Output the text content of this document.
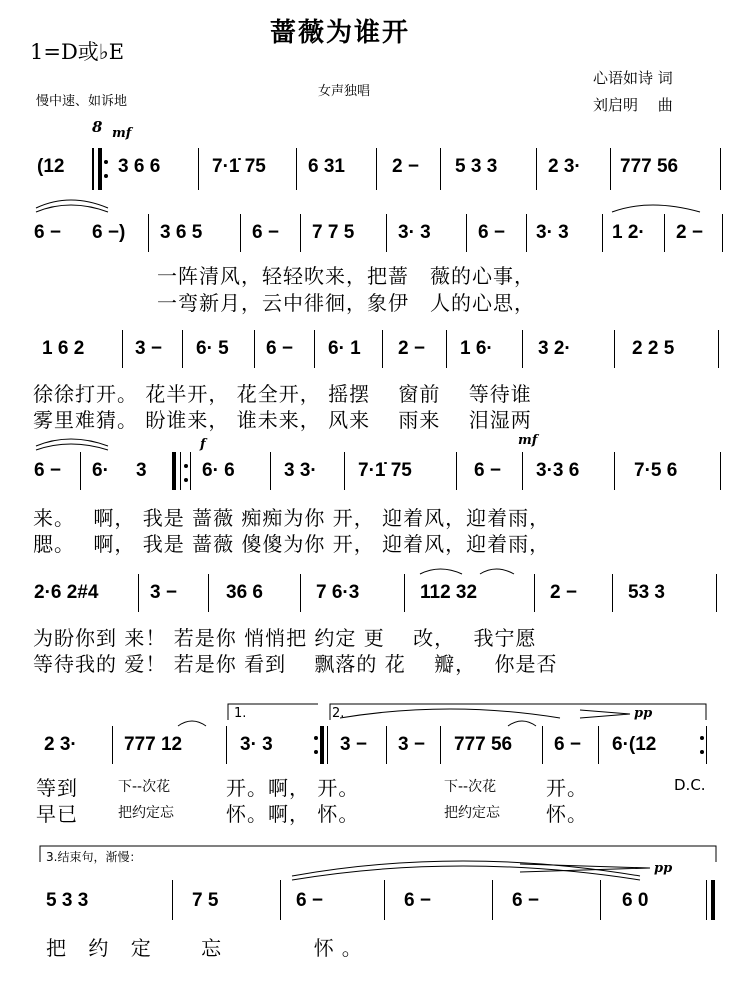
蔷薇为谁开
1=D或♭E
慢中速、如诉地
女声独唱
心语如诗 词
刘启明　 曲
8 mf
f	mf
pp
pp
(12	3 6 6	7·1̇ 75 6 31 2 − 5 3 3	2 3· 777 56
6 − 6 −) 3 6 5	6 − 7 7 5 3· 3 6 − 3· 3 1 2· 2 −
一阵清风，轻轻吹来，把蔷　薇的心事，
一弯新月，云中徘徊，象伊　人的心思，
1 6 2	3 − 6· 5 6 − 6· 1 2 − 1 6· 3 2·	2 2 5
徐徐打开。 花半开， 花全开， 摇摆　 窗前　 等待谁
雾里难猜。 盼谁来， 谁未来， 风来　 雨来　 泪湿两
6 − 6· 3	6· 6	3 3· 7·1̇ 75	6 − 3·3 6	7·5 6
来。　 啊， 我是 蔷薇 痴痴为你 开， 迎着风，迎着雨，
腮。　 啊， 我是 蔷薇 傻傻为你 开， 迎着风，迎着雨，
2·6 2#4	3 −	36 6	7 6·3	112 32	2 −	53 3
为盼你到 来！ 若是你 悄悄把 约定 更　 改，　 我宁愿
等待我的 爱！ 若是你 看到　 飘落的 花　 瓣，　 你是否
1.	2.
2 3· 777 12	3· 3	3 − 3 − 777 56 6 − 6·(12
等到
早已
下--次花
把约定忘
开。啊， 开。
怀。啊， 怀。
下--次花
把约定忘
开。
怀。
D.C.
3.结束句，渐慢：
5 3 3	7 5	6 −	6 −	6 −	6 0
把 约 定　 忘　 　 怀。
